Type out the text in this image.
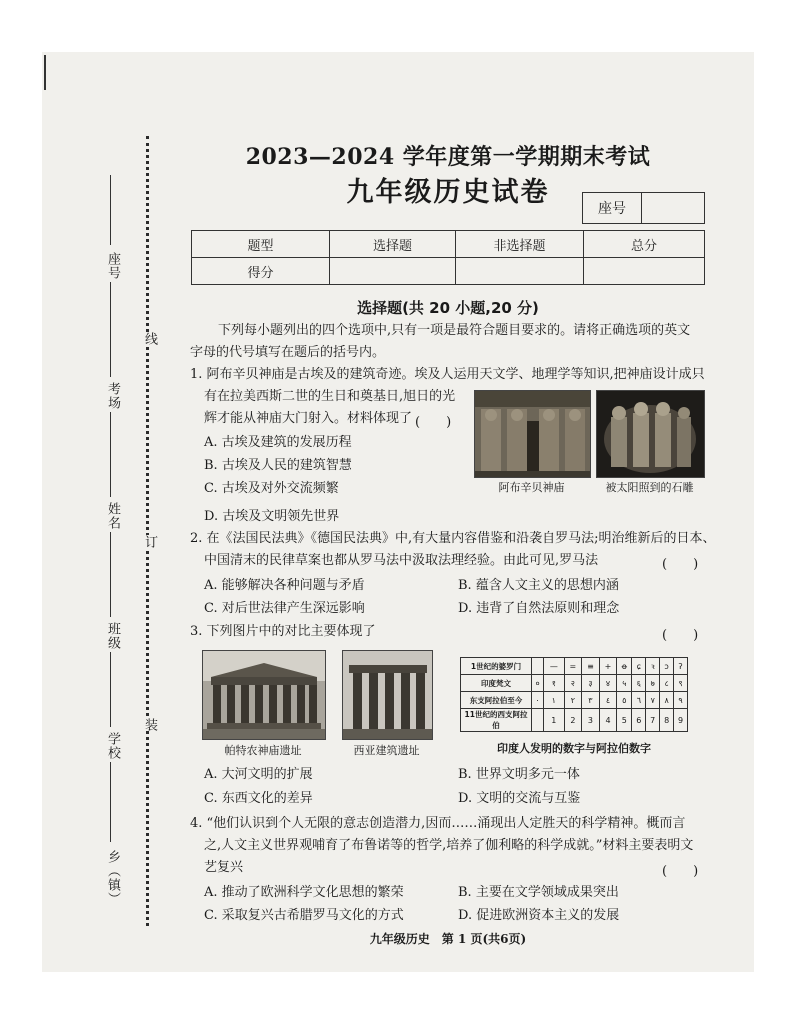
座号
考场
姓名
班级
学校
乡（镇）
线
订
装
2023—2024 学年度第一学期期末考试
九年级历史试卷
座号
题型	选择题	非选择题	总分
得分			
选择题(共 20 小题,20 分)
下列每小题列出的四个选项中,只有一项是最符合题目要求的。请将正确选项的英文
字母的代号填写在题后的括号内。
1. 阿布辛贝神庙是古埃及的建筑奇迹。埃及人运用天文学、地理学等知识,把神庙设计成只
有在拉美西斯二世的生日和奠基日,旭日的光
辉才能从神庙大门射入。材料体现了 (　　)
A. 古埃及建筑的发展历程
B. 古埃及人民的建筑智慧
C. 古埃及对外交流频繁
D. 古埃及文明领先世界
阿布辛贝神庙	被太阳照到的石雕
2. 在《法国民法典》《德国民法典》中,有大量内容借鉴和沿袭自罗马法;明治维新后的日本、
中国清末的民律草案也都从罗马法中汲取法理经验。由此可见,罗马法	(　　)
A. 能够解决各种问题与矛盾	B. 蕴含人文主义的思想内涵
C. 对后世法律产生深远影响	D. 违背了自然法原则和理念
3. 下列图片中的对比主要体现了	(　　)
帕特农神庙遗址	西亚建筑遗址
1世纪的婆罗门		—	=	≡	+	ꝋ	ɕ	ꝛ	ɔ	ʔ
印度梵文	०	१	२	३	४	५	६	७	८	९
东支阿拉伯至今	٠	١	٢	٣	٤	٥	٦	٧	٨	٩
11世纪的西支阿拉伯		1	2	3	4	5	6	7	8	9
印度人发明的数字与阿拉伯数字
A. 大河文明的扩展	B. 世界文明多元一体
C. 东西文化的差异	D. 文明的交流与互鉴
4. “他们认识到个人无限的意志创造潜力,因而……涌现出人定胜天的科学精神。概而言
之,人文主义世界观哺育了布鲁诺等的哲学,培养了伽利略的科学成就。”材料主要表明文
艺复兴	(　　)
A. 推动了欧洲科学文化思想的繁荣	B. 主要在文学领域成果突出
C. 采取复兴古希腊罗马文化的方式	D. 促进欧洲资本主义的发展
九年级历史　第 1 页(共6页)
